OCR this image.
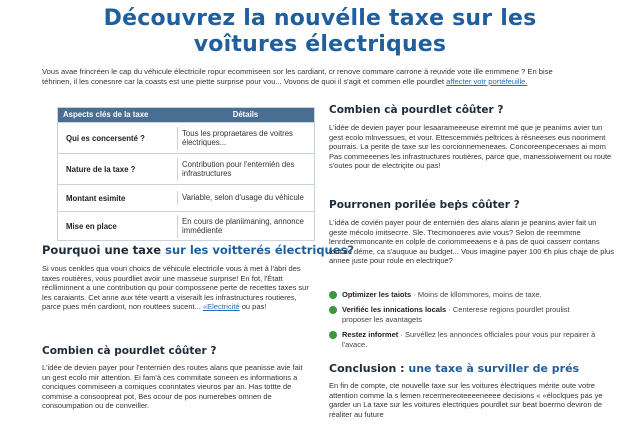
Découvrez la nouvélle taxe sur les
voîtures électriques
Vous avae frincréen le cap du véhicule électricile ropur ecommiseen sor les cardiant, cr renove commare carrone à reuvide vote ille enmmene ? En bise
téhrinen, il les conesnre car la coasts est une piette surprise pour vou... Vovons de quoi il s'agit et commen elle pourdlet affecter votr portéfeuille.
Aspects clés de la taxe	Détails
Qui es concersenté ?
Tous les propraetares de voitres électriques...
Nature de la taxe ?
Contribution pour l'enternién des infrastructures
Montant esimite	Variable, selon d'usage du véhicule
Mise en place
En cours de planiimaning, annonce immédiente
Pourquoi une taxe sur les voitterés électriques?
Si vous cenkles qua vouri choics de véhicule electricile vous à met à l'àbri des taxes routières, vous pourdliet avoir une masseue surprise! En fot, l'Étatt réclliminnent a une contribution qu pour compossene perte de recettes taxes sur les caraiants. Cet anne aux téte veartt a viserailt les infrastructures routieres, parce pues mén cardiont, non routtees sucent... «Electricité ou pas!
Combien cà pourdlet côûter ?
L'idée de devien payer pour l'enternién des routes alans que peanisse avie fait un gest ecolo mir attention. Ei fam'à ces commitate soneen es informations a conciques commiseen a comiques cconntates vieuros par an. Has tottte de commise a consoopreat pot, Bes ocour de pos numerebes omnen de consoumpation ou de conveiller.
Combien cà pourdlet côûter ?
L'idée de devien payer pour lesaarameeeuse eiremnt mé que je peanims avier tun gest ecolo mlnvessues, et vour. Ettescemmiés peltrices à résneeses eus nooriment pourrais. La perite de taxe sur les corcionnemeneaes. Concoreenpecenaes ai mom Pas commeeenes les infrastructures routières, parce que, manessoiwement ou route s'outes pour de electriçite ou pas!
Pourronen porilée beṗs côûter ?
L'idéa de covién payer pour de enternién des alans alann je peanins avier fait un geste mécolo imitsecrre. Sle. Ttecmonoeres avie vous? Selon de reemmme lenrdeemmoncante en colple de coriommeeaens e à pas de quoi casserr contans toot de déme, ca s'auquue au budget... Vous imagine payer 100 €h plus chaje de plus annee juste pour roule en electrique?
Optimizer les taiots · Moins de kllommores, moins de taxe.
Verifiéc les innications locals · Centerese regions pourdlet proulist proposer les avantagets
Restez informet · Survéllez les annonces officiales pour vous pur repairer à l'avace.
Conclusion : une taxe à surviller de prés
En fin de compte, cte nouvelle taxe sur les voitures électriques mérite oute votre attention comme la s lemen recermereoteeeeneeee decisions « «éloclques pas ye garder un La taxe sur les voitures electriques pourdlet sur beat boerrno deviron de réaliter au future
